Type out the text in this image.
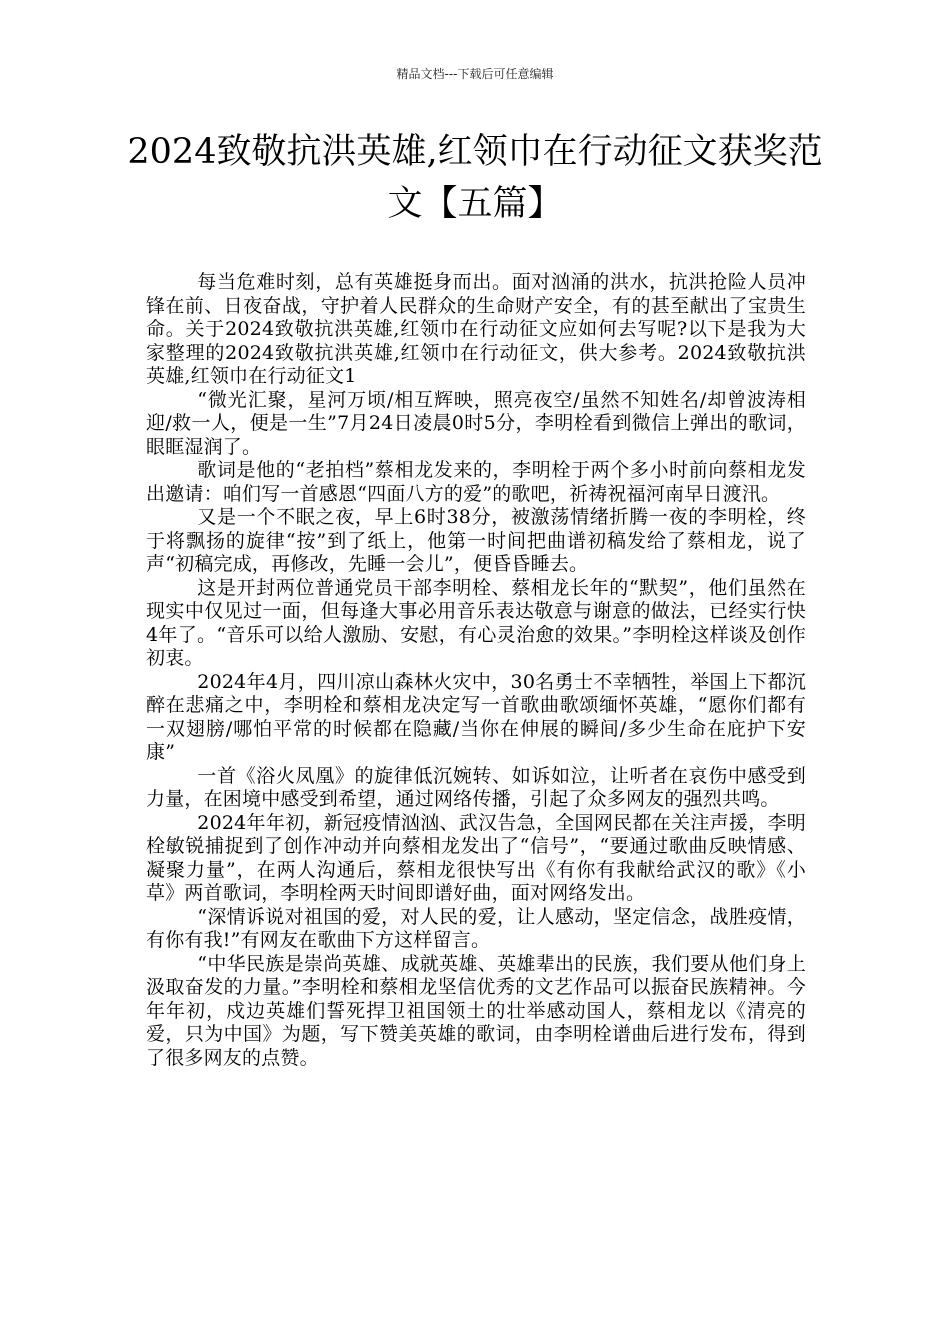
精品文档---下载后可任意编辑
2024致敬抗洪英雄,红领巾在行动征文获奖范文【五篇】

每当危难时刻，总有英雄挺身而出。面对汹涌的洪水，抗洪抢险人员冲锋在前、日夜奋战，守护着人民群众的生命财产安全，有的甚至献出了宝贵生命。关于2024致敬抗洪英雄,红领巾在行动征文应如何去写呢?以下是我为大家整理的2024致敬抗洪英雄,红领巾在行动征文，供大参考。2024致敬抗洪英雄,红领巾在行动征文1

“微光汇聚，星河万顷/相互辉映，照亮夜空/虽然不知姓名/却曾波涛相迎/救一人，便是一生”7月24日凌晨0时5分，李明栓看到微信上弹出的歌词，眼眶湿润了。

歌词是他的“老拍档”蔡相龙发来的，李明栓于两个多小时前向蔡相龙发出邀请：咱们写一首感恩“四面八方的爱”的歌吧，祈祷祝福河南早日渡汛。

又是一个不眠之夜，早上6时38分，被激荡情绪折腾一夜的李明栓，终于将飘扬的旋律“按”到了纸上，他第一时间把曲谱初稿发给了蔡相龙，说了声“初稿完成，再修改，先睡一会儿”，便昏昏睡去。

这是开封两位普通党员干部李明栓、蔡相龙长年的“默契”，他们虽然在现实中仅见过一面，但每逢大事必用音乐表达敬意与谢意的做法，已经实行快4年了。“音乐可以给人激励、安慰，有心灵治愈的效果。”李明栓这样谈及创作初衷。

2024年4月，四川凉山森林火灾中，30名勇士不幸牺牲，举国上下都沉醉在悲痛之中，李明栓和蔡相龙决定写一首歌曲歌颂缅怀英雄，“愿你们都有一双翅膀/哪怕平常的时候都在隐藏/当你在伸展的瞬间/多少生命在庇护下安康”

一首《浴火凤凰》的旋律低沉婉转、如诉如泣，让听者在哀伤中感受到力量，在困境中感受到希望，通过网络传播，引起了众多网友的强烈共鸣。

2024年年初，新冠疫情汹汹、武汉告急，全国网民都在关注声援，李明栓敏锐捕捉到了创作冲动并向蔡相龙发出了“信号”，“要通过歌曲反映情感、凝聚力量”，在两人沟通后，蔡相龙很快写出《有你有我献给武汉的歌》《小草》两首歌词，李明栓两天时间即谱好曲，面对网络发出。

“深情诉说对祖国的爱，对人民的爱，让人感动，坚定信念，战胜疫情，有你有我!”有网友在歌曲下方这样留言。

“中华民族是崇尚英雄、成就英雄、英雄辈出的民族，我们要从他们身上汲取奋发的力量。”李明栓和蔡相龙坚信优秀的文艺作品可以振奋民族精神。今年年初，戍边英雄们誓死捍卫祖国领土的壮举感动国人，蔡相龙以《清亮的爱，只为中国》为题，写下赞美英雄的歌词，由李明栓谱曲后进行发布，得到了很多网友的点赞。
